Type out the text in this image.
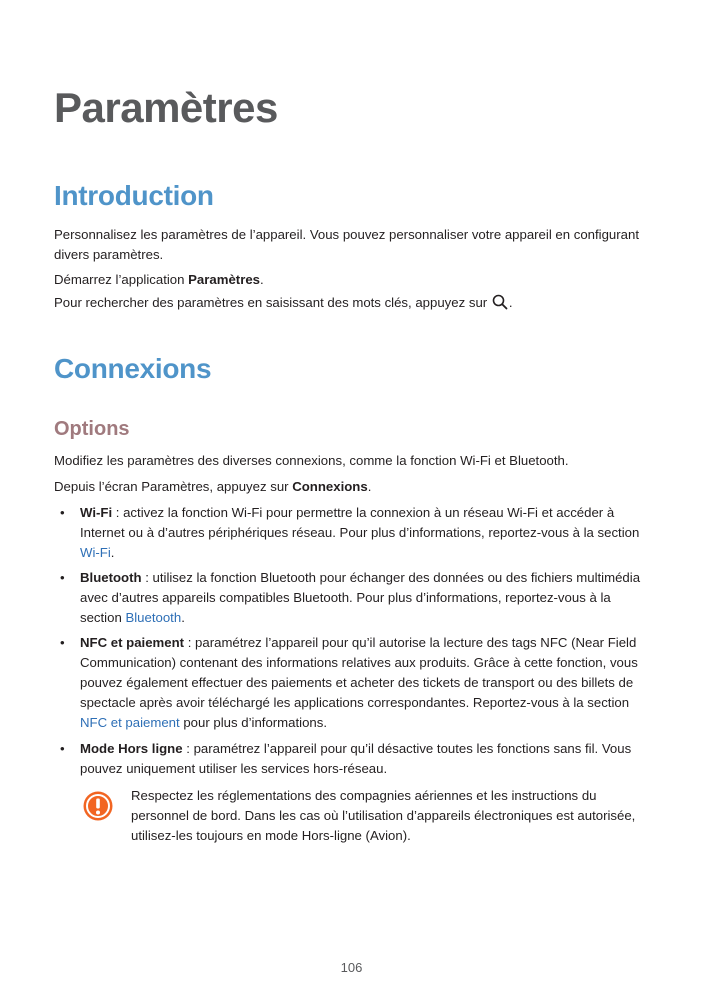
Paramètres
Introduction

Personnalisez les paramètres de l’appareil. Vous pouvez personnaliser votre appareil en configurant divers paramètres.

Démarrez l’application Paramètres.

Pour rechercher des paramètres en saisissant des mots clés, appuyez sur .

Connexions
Options

Modifiez les paramètres des diverses connexions, comme la fonction Wi-Fi et Bluetooth.

Depuis l’écran Paramètres, appuyez sur Connexions.

• Wi-Fi : activez la fonction Wi-Fi pour permettre la connexion à un réseau Wi-Fi et accéder à Internet ou à d’autres périphériques réseau. Pour plus d’informations, reportez-vous à la section Wi-Fi.

• Bluetooth : utilisez la fonction Bluetooth pour échanger des données ou des fichiers multimédia avec d’autres appareils compatibles Bluetooth. Pour plus d’informations, reportez-vous à la section Bluetooth.

• NFC et paiement : paramétrez l’appareil pour qu’il autorise la lecture des tags NFC (Near Field Communication) contenant des informations relatives aux produits. Grâce à cette fonction, vous pouvez également effectuer des paiements et acheter des tickets de transport ou des billets de spectacle après avoir téléchargé les applications correspondantes. Reportez-vous à la section NFC et paiement pour plus d’informations.

• Mode Hors ligne : paramétrez l’appareil pour qu’il désactive toutes les fonctions sans fil. Vous pouvez uniquement utiliser les services hors-réseau.

Respectez les réglementations des compagnies aériennes et les instructions du personnel de bord. Dans les cas où l’utilisation d’appareils électroniques est autorisée, utilisez-les toujours en mode Hors-ligne (Avion).

106
